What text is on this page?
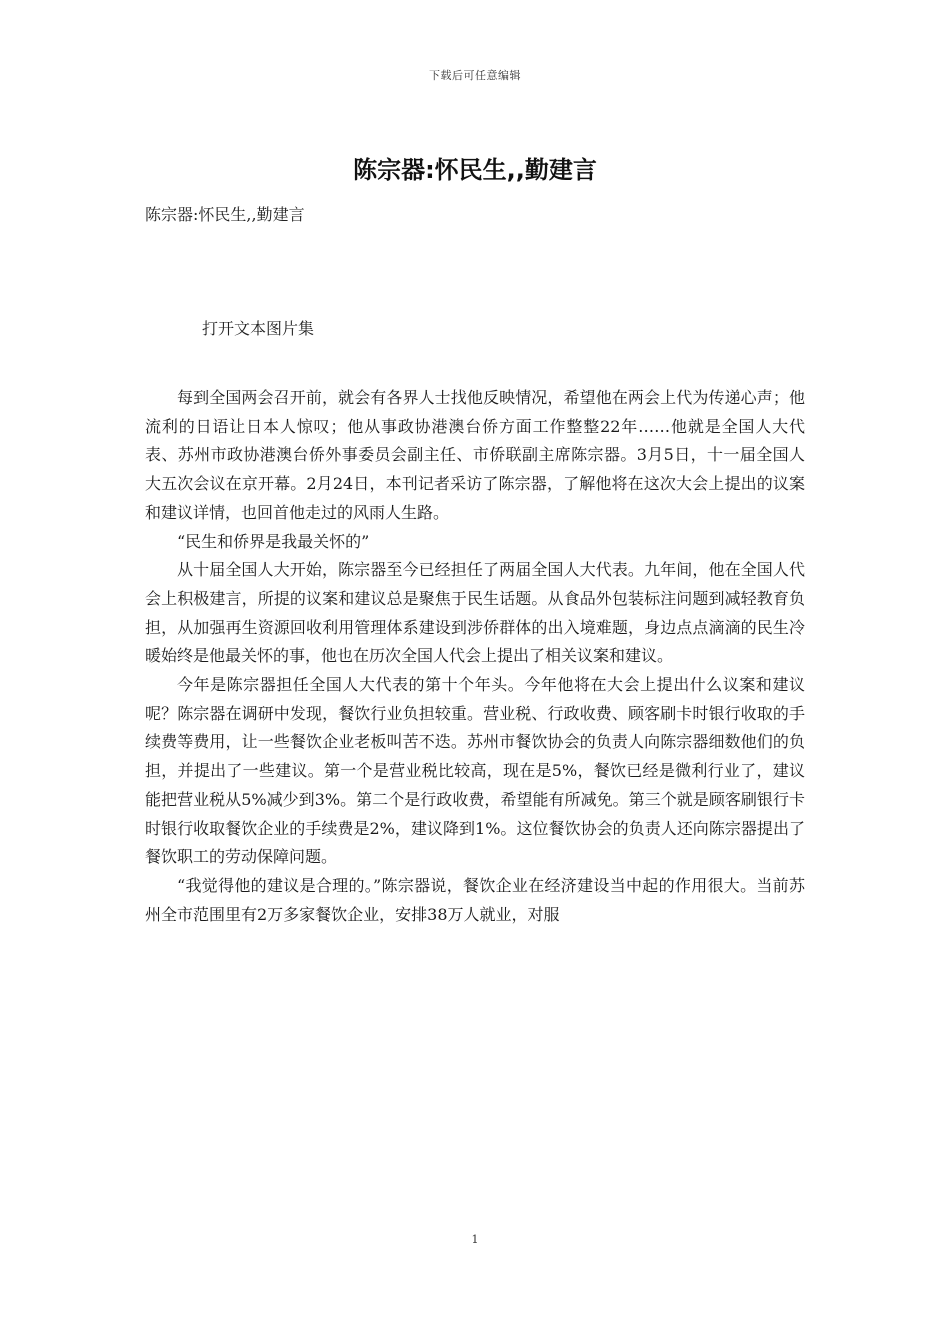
下载后可任意编辑
陈宗器:怀民生,,勤建言
陈宗器:怀民生,,勤建言
打开文本图片集

每到全国两会召开前，就会有各界人士找他反映情况，希望他在两会上代为传递心声；他流利的日语让日本人惊叹；他从事政协港澳台侨方面工作整整22年……他就是全国人大代表、苏州市政协港澳台侨外事委员会副主任、市侨联副主席陈宗器。3月5日，十一届全国人大五次会议在京开幕。2月24日，本刊记者采访了陈宗器，了解他将在这次大会上提出的议案和建议详情，也回首他走过的风雨人生路。

“民生和侨界是我最关怀的”

从十届全国人大开始，陈宗器至今已经担任了两届全国人大代表。九年间，他在全国人代会上积极建言，所提的议案和建议总是聚焦于民生话题。从食品外包装标注问题到减轻教育负担，从加强再生资源回收利用管理体系建设到涉侨群体的出入境难题，身边点点滴滴的民生冷暖始终是他最关怀的事，他也在历次全国人代会上提出了相关议案和建议。

今年是陈宗器担任全国人大代表的第十个年头。今年他将在大会上提出什么议案和建议呢？陈宗器在调研中发现，餐饮行业负担较重。营业税、行政收费、顾客刷卡时银行收取的手续费等费用，让一些餐饮企业老板叫苦不迭。苏州市餐饮协会的负责人向陈宗器细数他们的负担，并提出了一些建议。第一个是营业税比较高，现在是5%，餐饮已经是微利行业了，建议能把营业税从5%减少到3%。第二个是行政收费，希望能有所减免。第三个就是顾客刷银行卡时银行收取餐饮企业的手续费是2%，建议降到1%。这位餐饮协会的负责人还向陈宗器提出了餐饮职工的劳动保障问题。

“我觉得他的建议是合理的。”陈宗器说，餐饮企业在经济建设当中起的作用很大。当前苏州全市范围里有2万多家餐饮企业，安排38万人就业，对服

1
